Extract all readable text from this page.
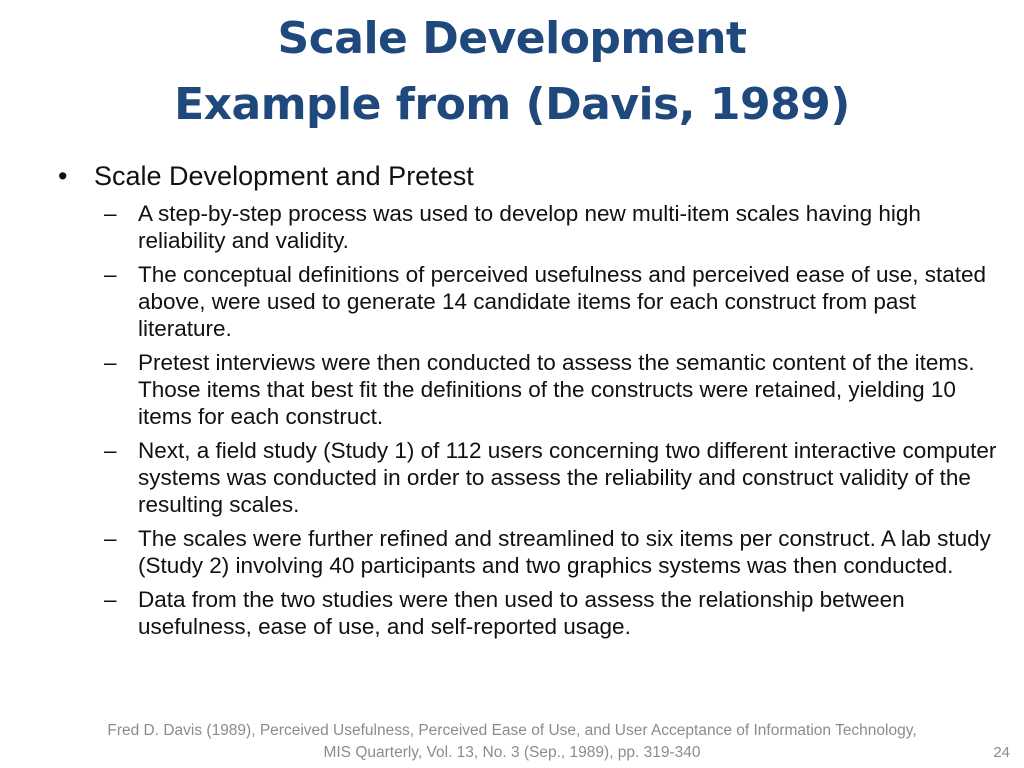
Scale Development
Example from (Davis, 1989)
• Scale Development and Pretest
– A step-by-step process was used to develop new multi-item scales having high reliability and validity.
– The conceptual definitions of perceived usefulness and perceived ease of use, stated above, were used to generate 14 candidate items for each construct from past literature.
– Pretest interviews were then conducted to assess the semantic content of the items. Those items that best fit the definitions of the constructs were retained, yielding 10 items for each construct.
– Next, a field study (Study 1) of 112 users concerning two different interactive computer systems was conducted in order to assess the reliability and construct validity of the resulting scales.
– The scales were further refined and streamlined to six items per construct. A lab study (Study 2) involving 40 participants and two graphics systems was then conducted.
– Data from the two studies were then used to assess the relationship between usefulness, ease of use, and self-reported usage.
Fred D. Davis (1989), Perceived Usefulness, Perceived Ease of Use, and User Acceptance of Information Technology,
MIS Quarterly, Vol. 13, No. 3 (Sep., 1989), pp. 319-340	24
